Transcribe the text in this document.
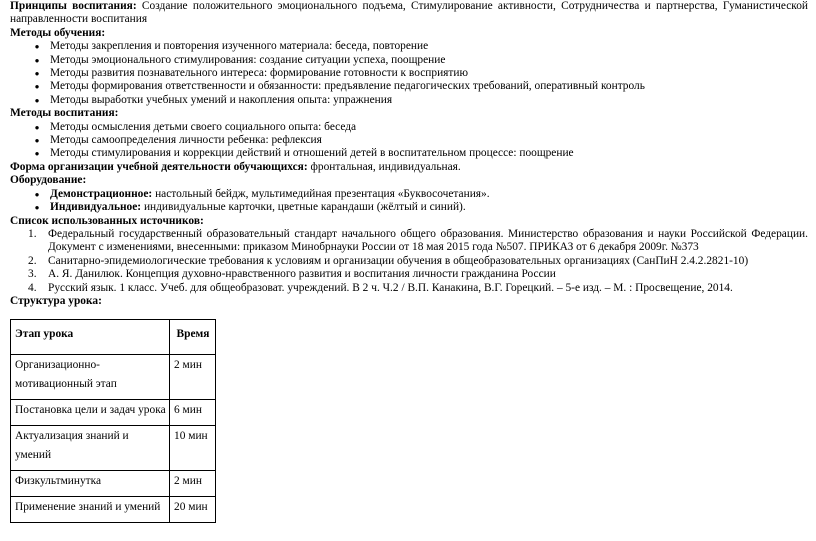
Принципы воспитания: Создание положительного эмоционального подъема, Стимулирование активности, Сотрудничества и партнерства, Гуманистической направленности воспитания
Методы обучения:
● Методы закрепления и повторения изученного материала: беседа, повторение
● Методы эмоционального стимулирования: создание ситуации успеха, поощрение
● Методы развития познавательного интереса: формирование готовности к восприятию
● Методы формирования ответственности и обязанности: предъявление педагогических требований, оперативный контроль
● Методы выработки учебных умений и накопления опыта: упражнения
Методы воспитания:
● Методы осмысления детьми своего социального опыта: беседа
● Методы самоопределения личности ребенка: рефлексия
● Методы стимулирования и коррекции действий и отношений детей в воспитательном процессе: поощрение
Форма организации учебной деятельности обучающихся: фронтальная, индивидуальная.
Оборудование:
● Демонстрационное: настольный бейдж, мультимедийная презентация «Буквосочетания».
● Индивидуальное: индивидуальные карточки, цветные карандаши (жёлтый и синий).
Список использованных источников:
1. Федеральный государственный образовательный стандарт начального общего образования. Министерство образования и науки Российской Федерации. Документ с изменениями, внесенными: приказом Минобрнауки России от 18 мая 2015 года №507. ПРИКАЗ от 6 декабря 2009г. №373
2. Санитарно-эпидемиологические требования к условиям и организации обучения в общеобразовательных организациях (СанПиН 2.4.2.2821-10)
3. А. Я. Данилюк. Концепция духовно-нравственного развития и воспитания личности гражданина России
4. Русский язык. 1 класс. Учеб. для общеобразоват. учреждений. В 2 ч. Ч.2 / В.П. Канакина, В.Г. Горецкий. – 5-е изд. – М. : Просвещение, 2014.
Структура урока:
Этап урока	Время
Организационно-мотивационный этап	2 мин
Постановка цели и задач урока	6 мин
Актуализация знаний и умений	10 мин
Физкультминутка	2 мин
Применение знаний и умений	20 мин
